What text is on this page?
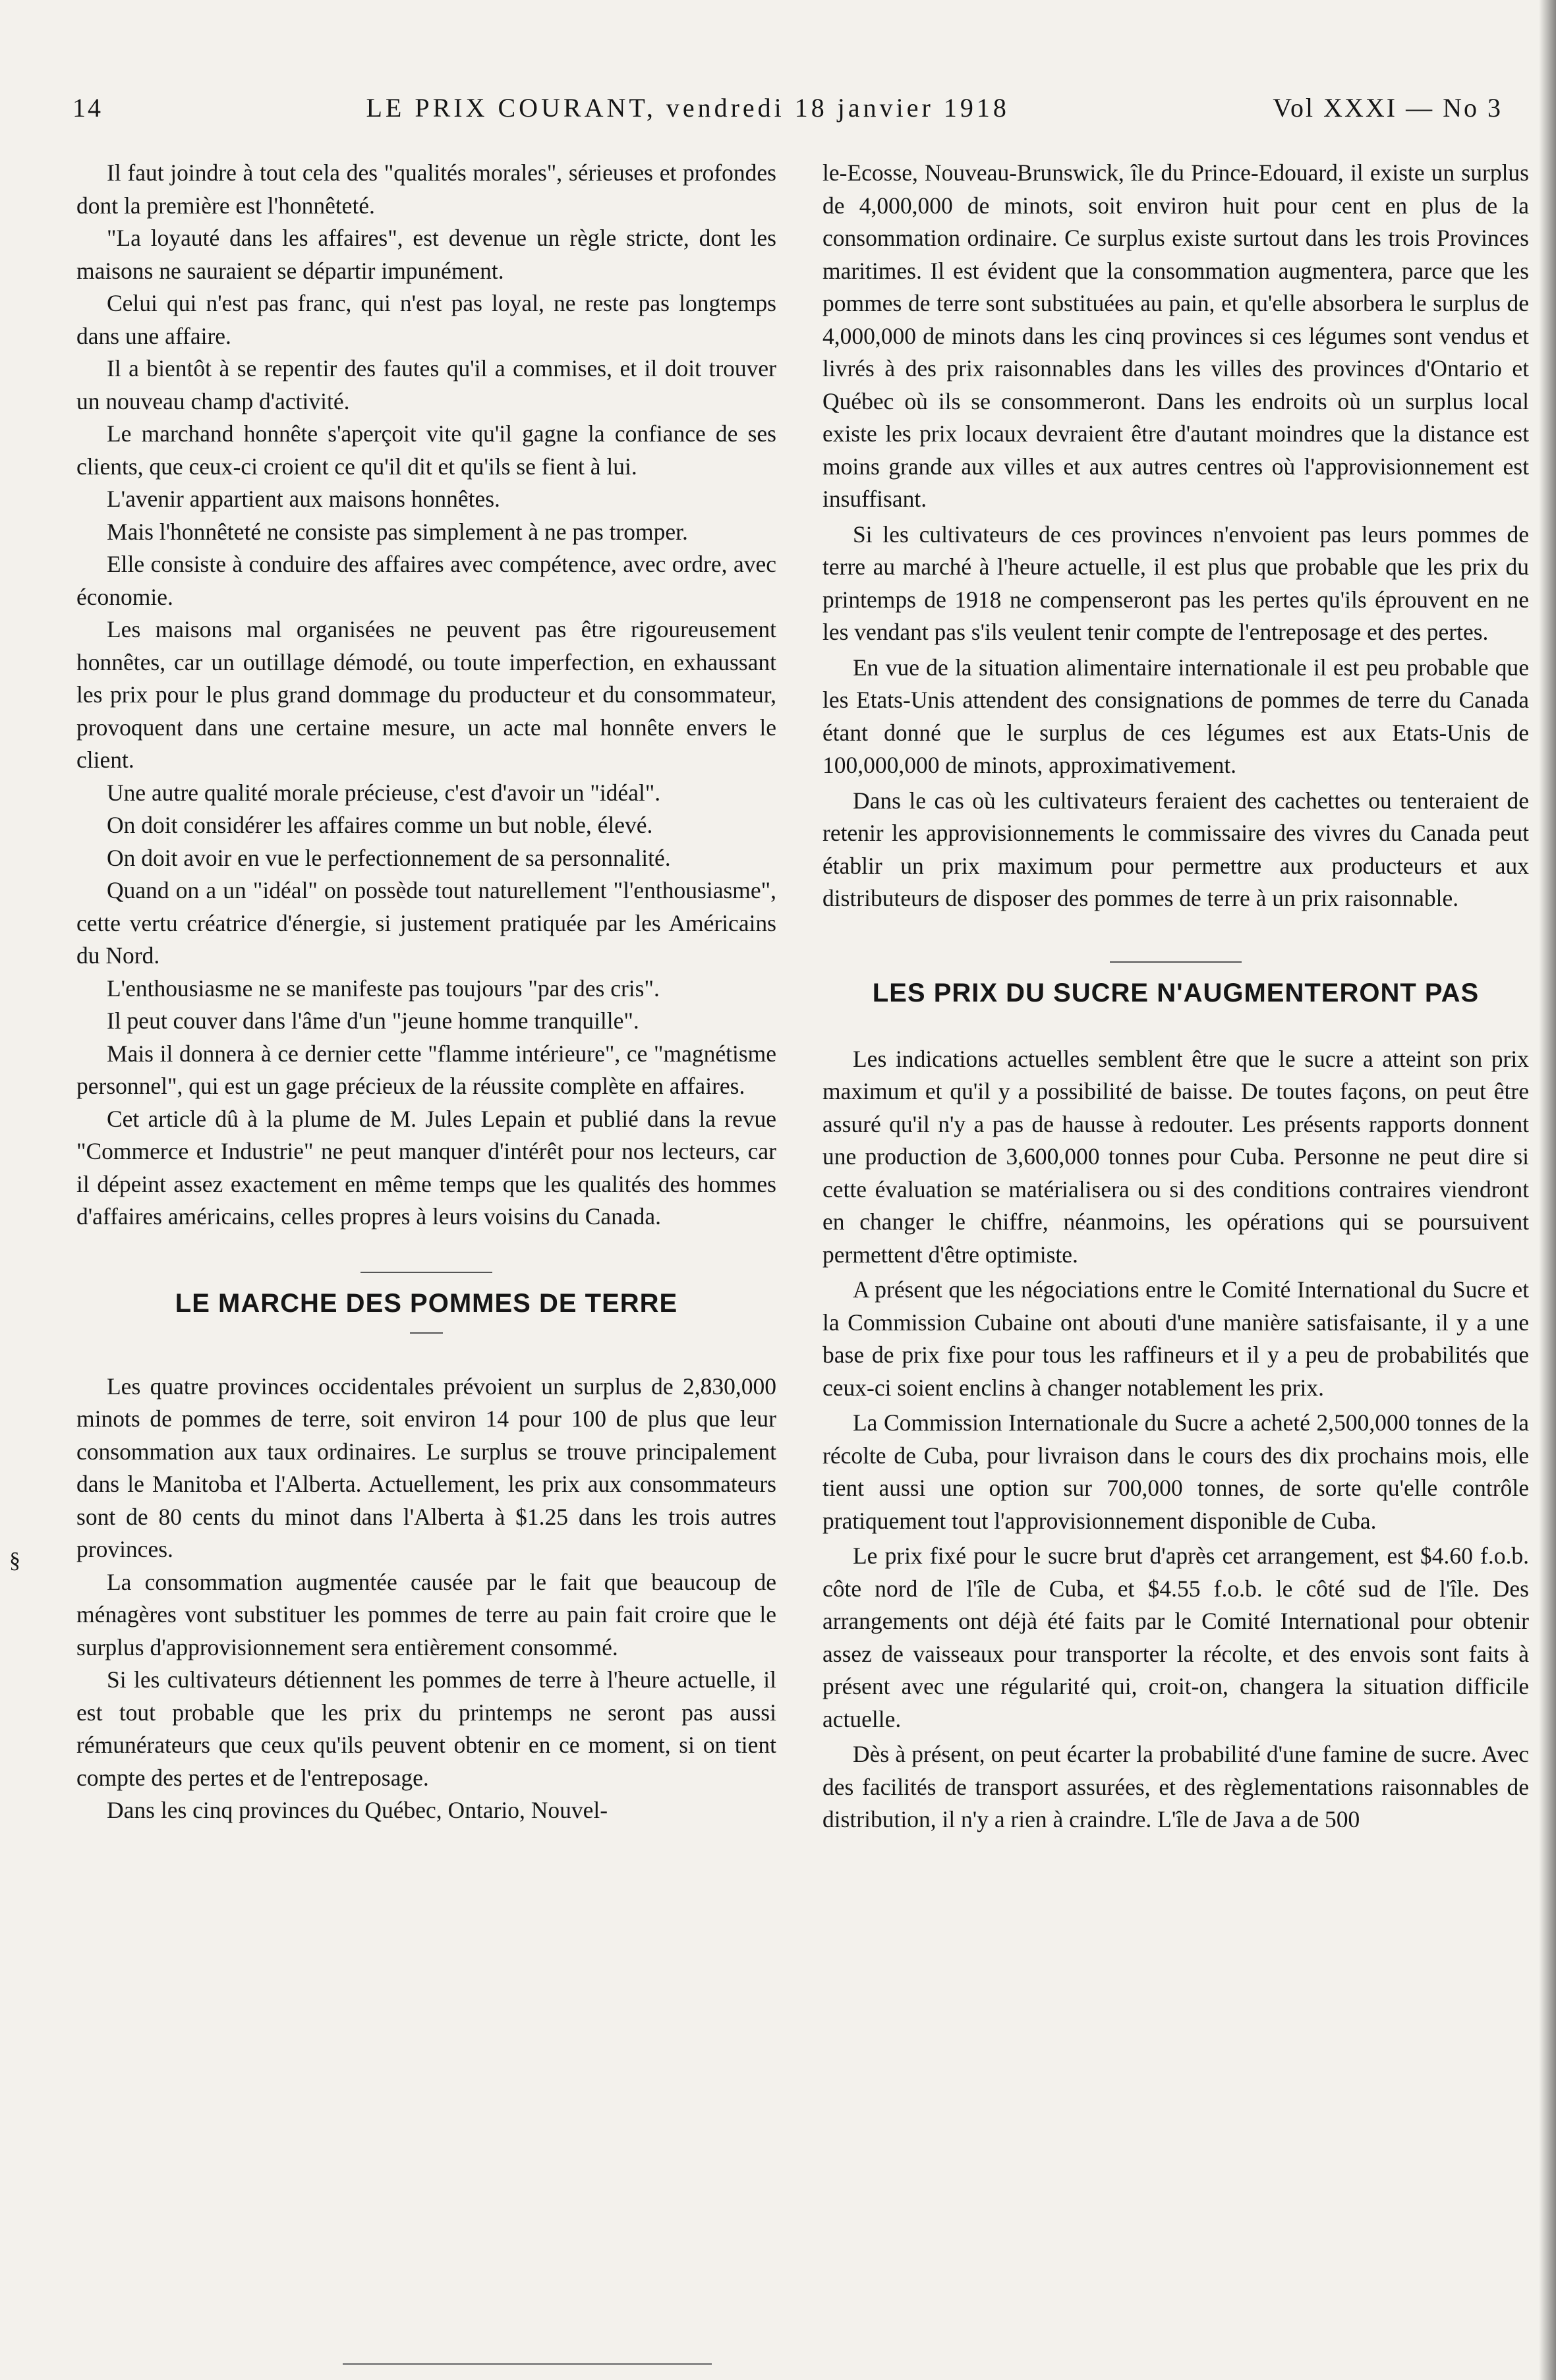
14	LE PRIX COURANT, vendredi 18 janvier 1918	Vol XXXI — No 3

Il faut joindre à tout cela des "qualités morales", sérieuses et profondes dont la première est l'honnêteté.

"La loyauté dans les affaires", est devenue un règle stricte, dont les maisons ne sauraient se départir impunément.

Celui qui n'est pas franc, qui n'est pas loyal, ne reste pas longtemps dans une affaire.

Il a bientôt à se repentir des fautes qu'il a commises, et il doit trouver un nouveau champ d'activité.

Le marchand honnête s'aperçoit vite qu'il gagne la confiance de ses clients, que ceux-ci croient ce qu'il dit et qu'ils se fient à lui.

L'avenir appartient aux maisons honnêtes.

Mais l'honnêteté ne consiste pas simplement à ne pas tromper.

Elle consiste à conduire des affaires avec compétence, avec ordre, avec économie.

Les maisons mal organisées ne peuvent pas être rigoureusement honnêtes, car un outillage démodé, ou toute imperfection, en exhaussant les prix pour le plus grand dommage du producteur et du consommateur, provoquent dans une certaine mesure, un acte mal honnête envers le client.

Une autre qualité morale précieuse, c'est d'avoir un "idéal".

On doit considérer les affaires comme un but noble, élevé.

On doit avoir en vue le perfectionnement de sa personnalité.

Quand on a un "idéal" on possède tout naturellement "l'enthousiasme", cette vertu créatrice d'énergie, si justement pratiquée par les Américains du Nord.

L'enthousiasme ne se manifeste pas toujours "par des cris".

Il peut couver dans l'âme d'un "jeune homme tranquille".

Mais il donnera à ce dernier cette "flamme intérieure", ce "magnétisme personnel", qui est un gage précieux de la réussite complète en affaires.

Cet article dû à la plume de M. Jules Lepain et publié dans la revue "Commerce et Industrie" ne peut manquer d'intérêt pour nos lecteurs, car il dépeint assez exactement en même temps que les qualités des hommes d'affaires américains, celles propres à leurs voisins du Canada.

LE MARCHE DES POMMES DE TERRE

Les quatre provinces occidentales prévoient un surplus de 2,830,000 minots de pommes de terre, soit environ 14 pour 100 de plus que leur consommation aux taux ordinaires. Le surplus se trouve principalement dans le Manitoba et l'Alberta. Actuellement, les prix aux consommateurs sont de 80 cents du minot dans l'Alberta à $1.25 dans les trois autres provinces.

La consommation augmentée causée par le fait que beaucoup de ménagères vont substituer les pommes de terre au pain fait croire que le surplus d'approvisionnement sera entièrement consommé.

Si les cultivateurs détiennent les pommes de terre à l'heure actuelle, il est tout probable que les prix du printemps ne seront pas aussi rémunérateurs que ceux qu'ils peuvent obtenir en ce moment, si on tient compte des pertes et de l'entreposage.

Dans les cinq provinces du Québec, Ontario, Nouvel-

le-Ecosse, Nouveau-Brunswick, île du Prince-Edouard, il existe un surplus de 4,000,000 de minots, soit environ huit pour cent en plus de la consommation ordinaire. Ce surplus existe surtout dans les trois Provinces maritimes. Il est évident que la consommation augmentera, parce que les pommes de terre sont substituées au pain, et qu'elle absorbera le surplus de 4,000,000 de minots dans les cinq provinces si ces légumes sont vendus et livrés à des prix raisonnables dans les villes des provinces d'Ontario et Québec où ils se consommeront. Dans les endroits où un surplus local existe les prix locaux devraient être d'autant moindres que la distance est moins grande aux villes et aux autres centres où l'approvisionnement est insuffisant.

Si les cultivateurs de ces provinces n'envoient pas leurs pommes de terre au marché à l'heure actuelle, il est plus que probable que les prix du printemps de 1918 ne compenseront pas les pertes qu'ils éprouvent en ne les vendant pas s'ils veulent tenir compte de l'entreposage et des pertes.

En vue de la situation alimentaire internationale il est peu probable que les Etats-Unis attendent des consignations de pommes de terre du Canada étant donné que le surplus de ces légumes est aux Etats-Unis de 100,000,000 de minots, approximativement.

Dans le cas où les cultivateurs feraient des cachettes ou tenteraient de retenir les approvisionnements le commissaire des vivres du Canada peut établir un prix maximum pour permettre aux producteurs et aux distributeurs de disposer des pommes de terre à un prix raisonnable.

LES PRIX DU SUCRE N'AUGMENTERONT PAS

Les indications actuelles semblent être que le sucre a atteint son prix maximum et qu'il y a possibilité de baisse. De toutes façons, on peut être assuré qu'il n'y a pas de hausse à redouter. Les présents rapports donnent une production de 3,600,000 tonnes pour Cuba. Personne ne peut dire si cette évaluation se matérialisera ou si des conditions contraires viendront en changer le chiffre, néanmoins, les opérations qui se poursuivent permettent d'être optimiste.

A présent que les négociations entre le Comité International du Sucre et la Commission Cubaine ont abouti d'une manière satisfaisante, il y a une base de prix fixe pour tous les raffineurs et il y a peu de probabilités que ceux-ci soient enclins à changer notablement les prix.

La Commission Internationale du Sucre a acheté 2,500,000 tonnes de la récolte de Cuba, pour livraison dans le cours des dix prochains mois, elle tient aussi une option sur 700,000 tonnes, de sorte qu'elle contrôle pratiquement tout l'approvisionnement disponible de Cuba.

Le prix fixé pour le sucre brut d'après cet arrangement, est $4.60 f.o.b. côte nord de l'île de Cuba, et $4.55 f.o.b. le côté sud de l'île. Des arrangements ont déjà été faits par le Comité International pour obtenir assez de vaisseaux pour transporter la récolte, et des envois sont faits à présent avec une régularité qui, croit-on, changera la situation difficile actuelle.

Dès à présent, on peut écarter la probabilité d'une famine de sucre. Avec des facilités de transport assurées, et des règlementations raisonnables de distribution, il n'y a rien à craindre. L'île de Java a de 500

§
